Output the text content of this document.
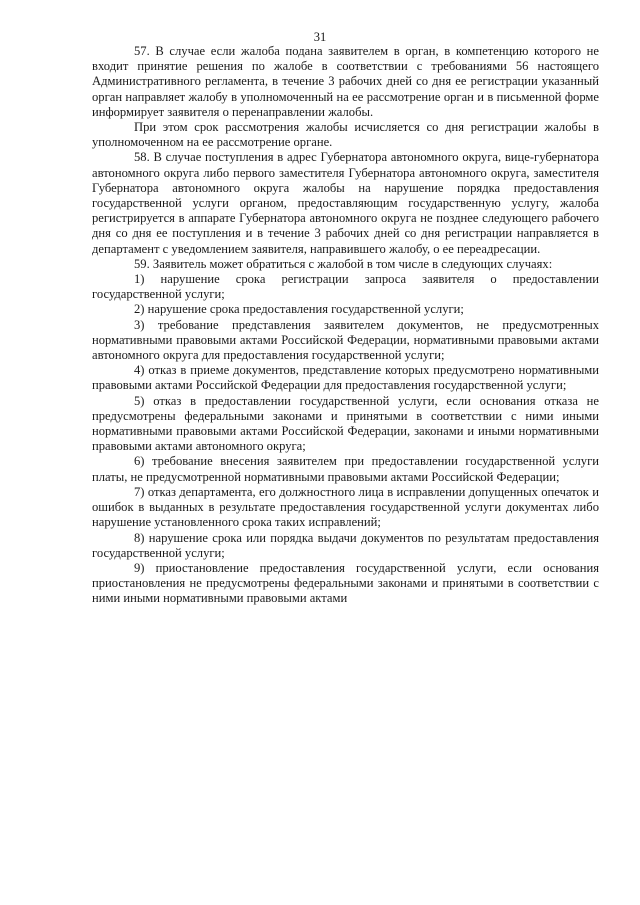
31

57. В случае если жалоба подана заявителем в орган, в компетенцию которого не входит принятие решения по жалобе в соответствии с требованиями 56 настоящего Административного регламента, в течение 3 рабочих дней со дня ее регистрации указанный орган направляет жалобу в уполномоченный на ее рассмотрение орган и в письменной форме информирует заявителя о перенаправлении жалобы.

При этом срок рассмотрения жалобы исчисляется со дня регистрации жалобы в уполномоченном на ее рассмотрение органе.

58. В случае поступления в адрес Губернатора автономного округа, вице-губернатора автономного округа либо первого заместителя Губернатора автономного округа, заместителя Губернатора автономного округа жалобы на нарушение порядка предоставления государственной услуги органом, предоставляющим государственную услугу, жалоба регистрируется в аппарате Губернатора автономного округа не позднее следующего рабочего дня со дня ее поступления и в течение 3 рабочих дней со дня регистрации направляется в департамент с уведомлением заявителя, направившего жалобу, о ее переадресации.

59. Заявитель может обратиться с жалобой в том числе в следующих случаях:

1) нарушение срока регистрации запроса заявителя о предоставлении государственной услуги;

2) нарушение срока предоставления государственной услуги;

3) требование представления заявителем документов, не предусмотренных нормативными правовыми актами Российской Федерации, нормативными правовыми актами автономного округа для предоставления государственной услуги;

4) отказ в приеме документов, представление которых предусмотрено нормативными правовыми актами Российской Федерации для предоставления государственной услуги;

5) отказ в предоставлении государственной услуги, если основания отказа не предусмотрены федеральными законами и принятыми в соответствии с ними иными нормативными правовыми актами Российской Федерации, законами и иными нормативными правовыми актами автономного округа;

6) требование внесения заявителем при предоставлении государственной услуги платы, не предусмотренной нормативными правовыми актами Российской Федерации;

7) отказ департамента, его должностного лица в исправлении допущенных опечаток и ошибок в выданных в результате предоставления государственной услуги документах либо нарушение установленного срока таких исправлений;

8) нарушение срока или порядка выдачи документов по результатам предоставления государственной услуги;

9) приостановление предоставления государственной услуги, если основания приостановления не предусмотрены федеральными законами и принятыми в соответствии с ними иными нормативными правовыми актами
